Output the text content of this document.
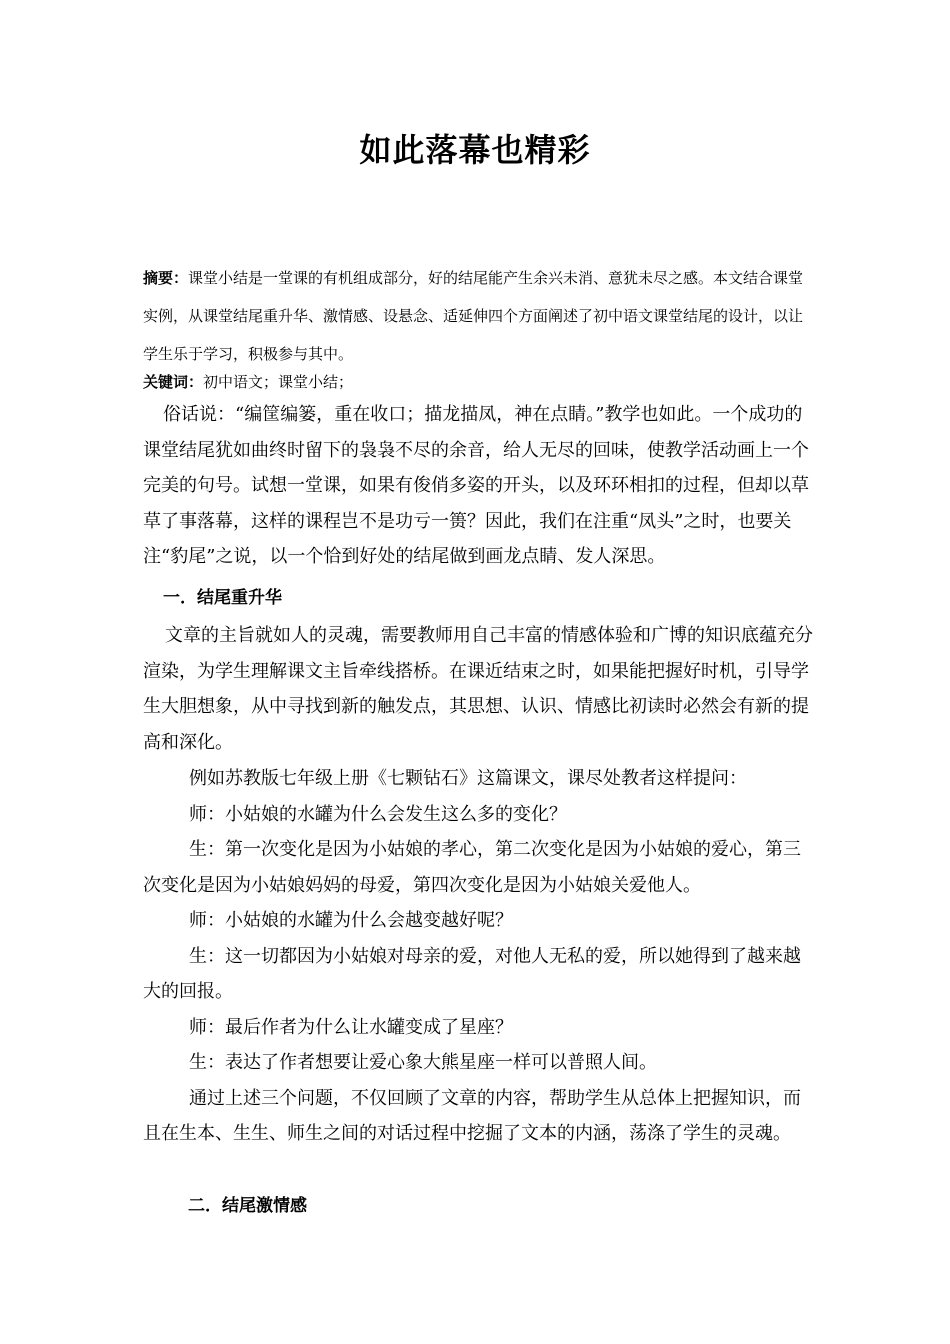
如此落幕也精彩
摘要：课堂小结是一堂课的有机组成部分，好的结尾能产生余兴未消、意犹未尽之感。本文结合课堂实例，从课堂结尾重升华、激情感、设悬念、适延伸四个方面阐述了初中语文课堂结尾的设计，以让学生乐于学习，积极参与其中。
关键词：初中语文；课堂小结；
俗话说：“编筐编篓，重在收口；描龙描凤，神在点睛。”教学也如此。一个成功的课堂结尾犹如曲终时留下的袅袅不尽的余音，给人无尽的回味，使教学活动画上一个完美的句号。试想一堂课，如果有俊俏多姿的开头，以及环环相扣的过程，但却以草草了事落幕，这样的课程岂不是功亏一篑？因此，我们在注重“凤头”之时，也要关注“豹尾”之说，以一个恰到好处的结尾做到画龙点睛、发人深思。
一．结尾重升华
文章的主旨就如人的灵魂，需要教师用自己丰富的情感体验和广博的知识底蕴充分渲染，为学生理解课文主旨牵线搭桥。在课近结束之时，如果能把握好时机，引导学生大胆想象，从中寻找到新的触发点，其思想、认识、情感比初读时必然会有新的提高和深化。
例如苏教版七年级上册《七颗钻石》这篇课文，课尽处教者这样提问：
师：小姑娘的水罐为什么会发生这么多的变化？
生：第一次变化是因为小姑娘的孝心，第二次变化是因为小姑娘的爱心，第三次变化是因为小姑娘妈妈的母爱，第四次变化是因为小姑娘关爱他人。
师：小姑娘的水罐为什么会越变越好呢？
生：这一切都因为小姑娘对母亲的爱，对他人无私的爱，所以她得到了越来越大的回报。
师：最后作者为什么让水罐变成了星座？
生：表达了作者想要让爱心象大熊星座一样可以普照人间。
通过上述三个问题，不仅回顾了文章的内容，帮助学生从总体上把握知识，而且在生本、生生、师生之间的对话过程中挖掘了文本的内涵，荡涤了学生的灵魂。
二．结尾激情感
